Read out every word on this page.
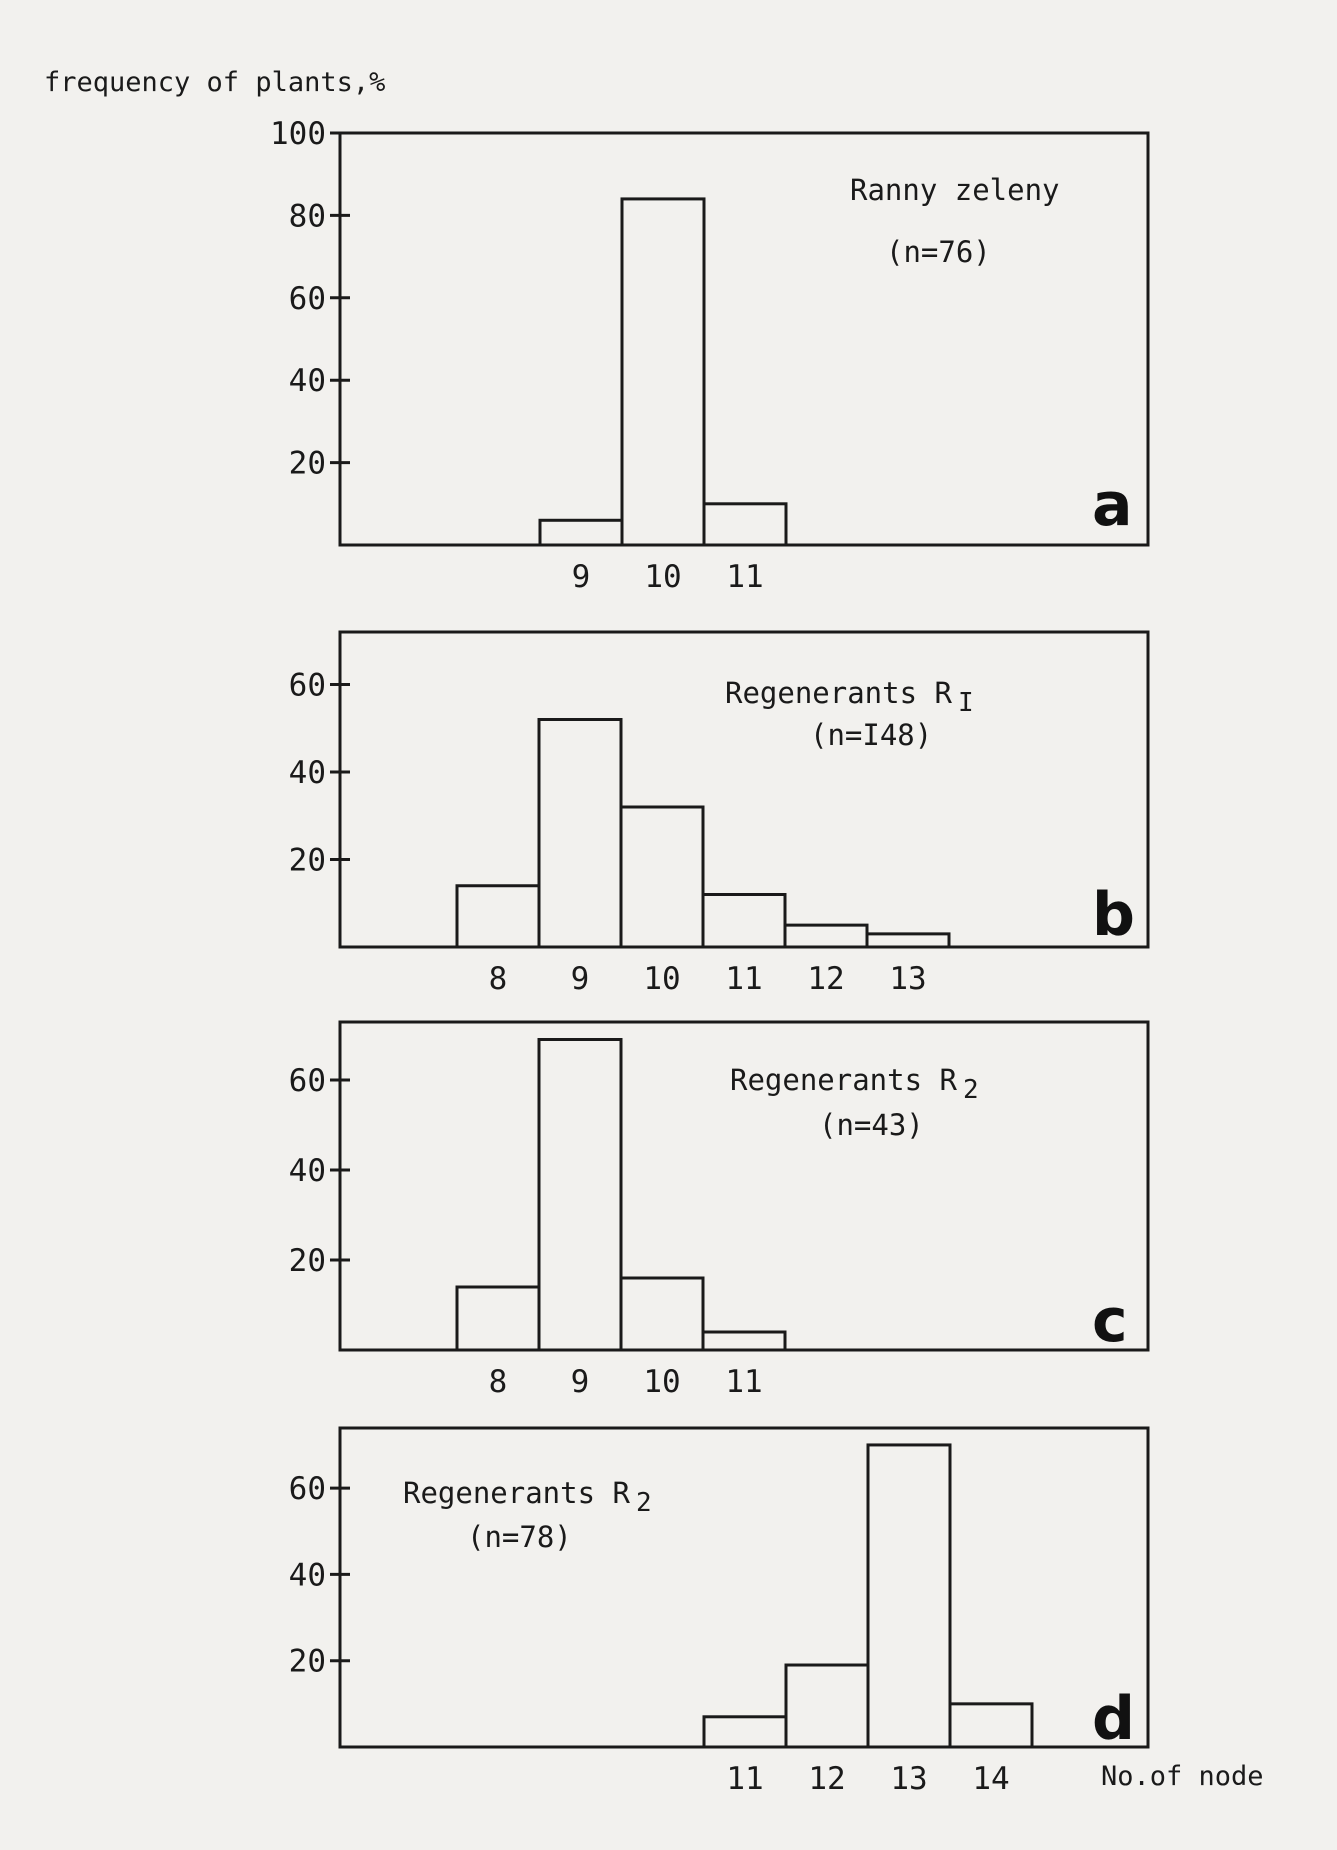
frequency of plants,%
No.of node
20
40
60
80
100
9 10 11
Ranny zeleny
(n=76)
a
20
40
60
8 9 10 11 12 13
Regenerants R I
(n=I48)
b
20
40
60
8 9 10 11
Regenerants R 2
(n=43)
c
20
40
60
11 12 13 14
Regenerants R 2
(n=78)
d
